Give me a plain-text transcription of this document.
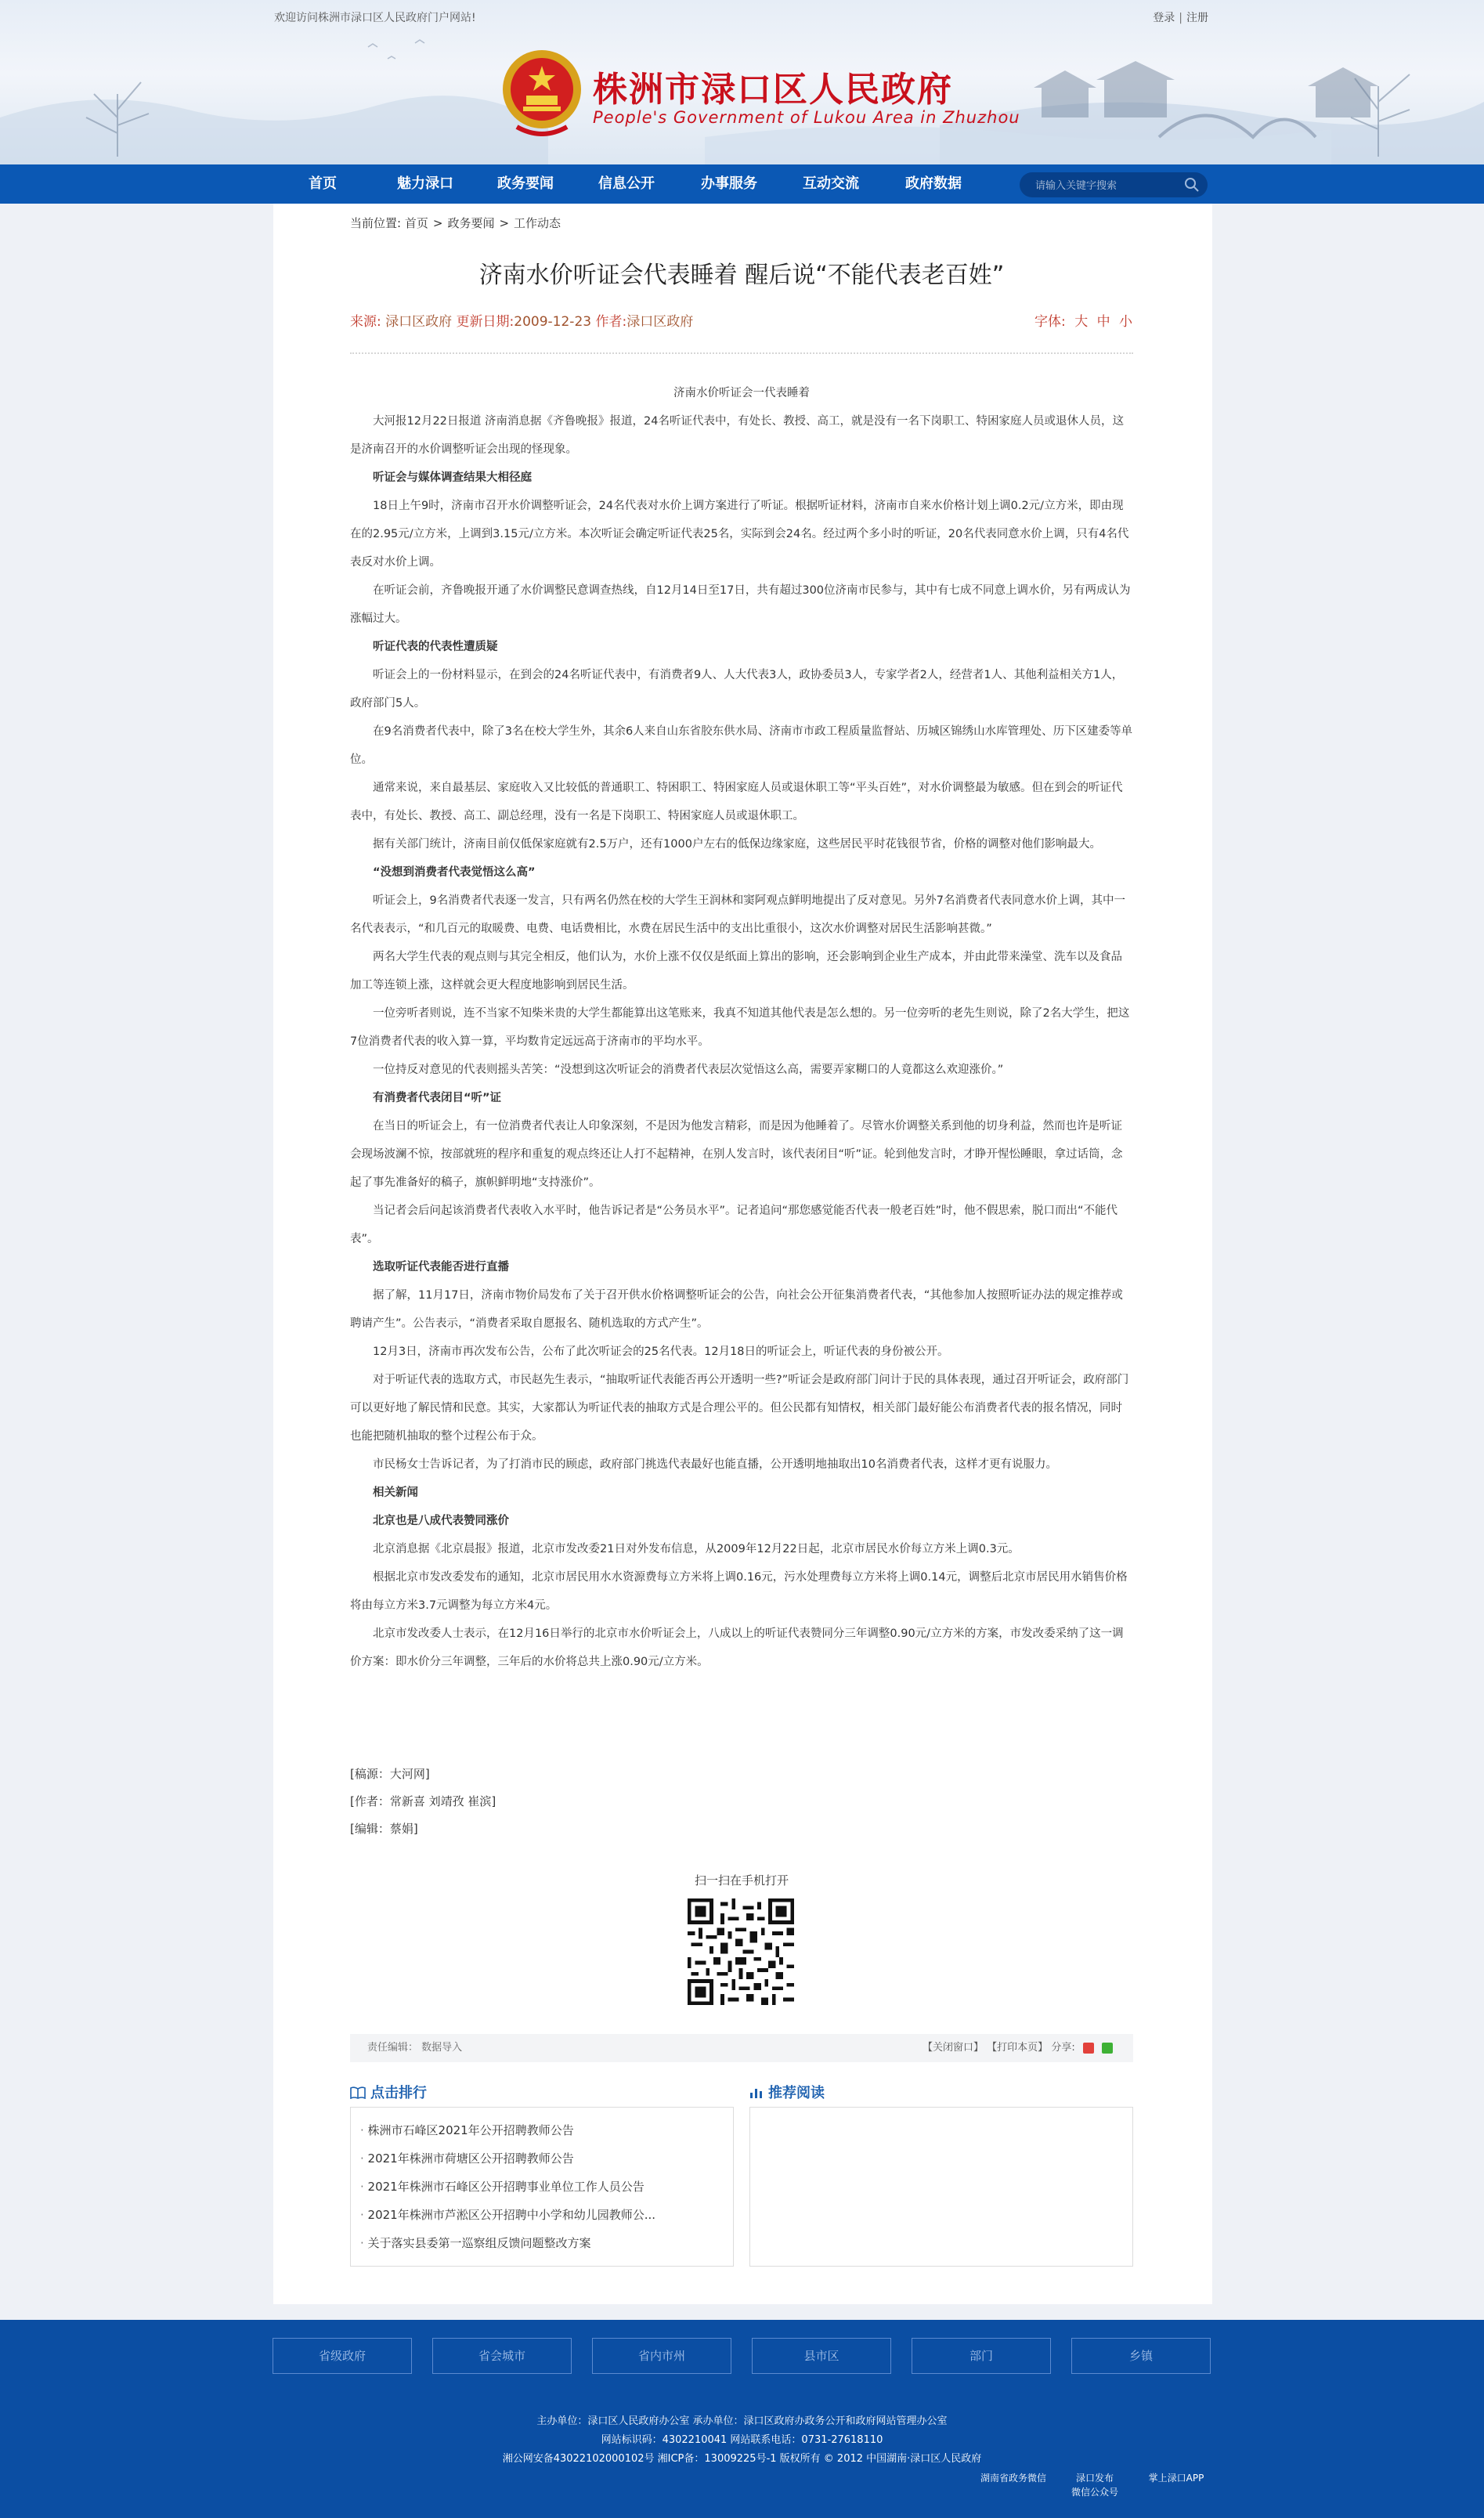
欢迎访问株洲市渌口区人民政府门户网站!	登录 | 注册
株洲市渌口区人民政府
People's Government of Lukou Area in Zhuzhou
首页	魅力渌口	政务要闻	信息公开	办事服务	互动交流	政府数据
请输入关键字搜索
当前位置: 首页 > 政务要闻 > 工作动态
济南水价听证会代表睡着 醒后说“不能代表老百姓”
来源: 渌口区政府 更新日期:2009-12-23 作者:渌口区政府	字体: 大 中 小

济南水价听证会一代表睡着

大河报12月22日报道 济南消息据《齐鲁晚报》报道，24名听证代表中，有处长、教授、高工，就是没有一名下岗职工、特困家庭人员或退休人员，这是济南召开的水价调整听证会出现的怪现象。

听证会与媒体调查结果大相径庭

18日上午9时，济南市召开水价调整听证会，24名代表对水价上调方案进行了听证。根据听证材料，济南市自来水价格计划上调0.2元/立方米，即由现在的2.95元/立方米，上调到3.15元/立方米。本次听证会确定听证代表25名，实际到会24名。经过两个多小时的听证，20名代表同意水价上调，只有4名代表反对水价上调。

在听证会前，齐鲁晚报开通了水价调整民意调查热线，自12月14日至17日，共有超过300位济南市民参与，其中有七成不同意上调水价，另有两成认为涨幅过大。

听证代表的代表性遭质疑

听证会上的一份材料显示，在到会的24名听证代表中，有消费者9人、人大代表3人，政协委员3人，专家学者2人，经营者1人、其他利益相关方1人，政府部门5人。

在9名消费者代表中，除了3名在校大学生外，其余6人来自山东省胶东供水局、济南市市政工程质量监督站、历城区锦绣山水库管理处、历下区建委等单位。

通常来说，来自最基层、家庭收入又比较低的普通职工、特困职工、特困家庭人员或退休职工等“平头百姓”，对水价调整最为敏感。但在到会的听证代表中，有处长、教授、高工、副总经理，没有一名是下岗职工、特困家庭人员或退休职工。

据有关部门统计，济南目前仅低保家庭就有2.5万户，还有1000户左右的低保边缘家庭，这些居民平时花钱很节省，价格的调整对他们影响最大。

“没想到消费者代表觉悟这么高”

听证会上，9名消费者代表逐一发言，只有两名仍然在校的大学生王润林和窦阿观点鲜明地提出了反对意见。另外7名消费者代表同意水价上调，其中一名代表表示，“和几百元的取暖费、电费、电话费相比，水费在居民生活中的支出比重很小，这次水价调整对居民生活影响甚微。”

两名大学生代表的观点则与其完全相反，他们认为，水价上涨不仅仅是纸面上算出的影响，还会影响到企业生产成本，并由此带来澡堂、洗车以及食品加工等连锁上涨，这样就会更大程度地影响到居民生活。

一位旁听者则说，连不当家不知柴米贵的大学生都能算出这笔账来，我真不知道其他代表是怎么想的。另一位旁听的老先生则说，除了2名大学生，把这7位消费者代表的收入算一算，平均数肯定远远高于济南市的平均水平。

一位持反对意见的代表则摇头苦笑：“没想到这次听证会的消费者代表层次觉悟这么高，需要弄家糊口的人竟都这么欢迎涨价。”

有消费者代表闭目“听”证

在当日的听证会上，有一位消费者代表让人印象深刻，不是因为他发言精彩，而是因为他睡着了。尽管水价调整关系到他的切身利益，然而也许是听证会现场波澜不惊，按部就班的程序和重复的观点终还让人打不起精神，在别人发言时，该代表闭目“听”证。轮到他发言时，才睁开惺忪睡眼，拿过话筒，念起了事先准备好的稿子，旗帜鲜明地“支持涨价”。

当记者会后问起该消费者代表收入水平时，他告诉记者是“公务员水平”。记者追问“那您感觉能否代表一般老百姓”时，他不假思索，脱口而出“不能代表”。

选取听证代表能否进行直播

据了解，11月17日，济南市物价局发布了关于召开供水价格调整听证会的公告，向社会公开征集消费者代表，“其他参加人按照听证办法的规定推荐或聘请产生”。公告表示，“消费者采取自愿报名、随机选取的方式产生”。

12月3日，济南市再次发布公告，公布了此次听证会的25名代表。12月18日的听证会上，听证代表的身份被公开。

对于听证代表的选取方式，市民赵先生表示，“抽取听证代表能否再公开透明一些?”听证会是政府部门问计于民的具体表现，通过召开听证会，政府部门可以更好地了解民情和民意。其实，大家都认为听证代表的抽取方式是合理公平的。但公民都有知情权，相关部门最好能公布消费者代表的报名情况，同时也能把随机抽取的整个过程公布于众。

市民杨女士告诉记者，为了打消市民的顾虑，政府部门挑选代表最好也能直播，公开透明地抽取出10名消费者代表，这样才更有说服力。

相关新闻

北京也是八成代表赞同涨价

北京消息据《北京晨报》报道，北京市发改委21日对外发布信息，从2009年12月22日起，北京市居民水价每立方米上调0.3元。

根据北京市发改委发布的通知，北京市居民用水水资源费每立方米将上调0.16元，污水处理费每立方米将上调0.14元，调整后北京市居民用水销售价格将由每立方米3.7元调整为每立方米4元。

北京市发改委人士表示，在12月16日举行的北京市水价听证会上，八成以上的听证代表赞同分三年调整0.90元/立方米的方案，市发改委采纳了这一调价方案：即水价分三年调整，三年后的水价将总共上涨0.90元/立方米。

[稿源：大河网]
[作者：常新喜 刘靖孜 崔滨]
[编辑：蔡娟]
扫一扫在手机打开
责任编辑： 数据导入	【关闭窗口】 【打印本页】 分享:
点击排行
· 株洲市石峰区2021年公开招聘教师公告
· 2021年株洲市荷塘区公开招聘教师公告
· 2021年株洲市石峰区公开招聘事业单位工作人员公告
· 2021年株洲市芦淞区公开招聘中小学和幼儿园教师公...
· 关于落实县委第一巡察组反馈问题整改方案
推荐阅读
省级政府	省会城市	省内市州	县市区	部门	乡镇
主办单位：渌口区人民政府办公室 承办单位：渌口区政府办政务公开和政府网站管理办公室
网站标识码：4302210041 网站联系电话：0731-27618110
湘公网安备43022102000102号 湘ICP备：13009225号-1 版权所有 © 2012 中国湖南·渌口区人民政府
湖南省政务微信	渌口发布
微信公众号
掌上渌口APP
